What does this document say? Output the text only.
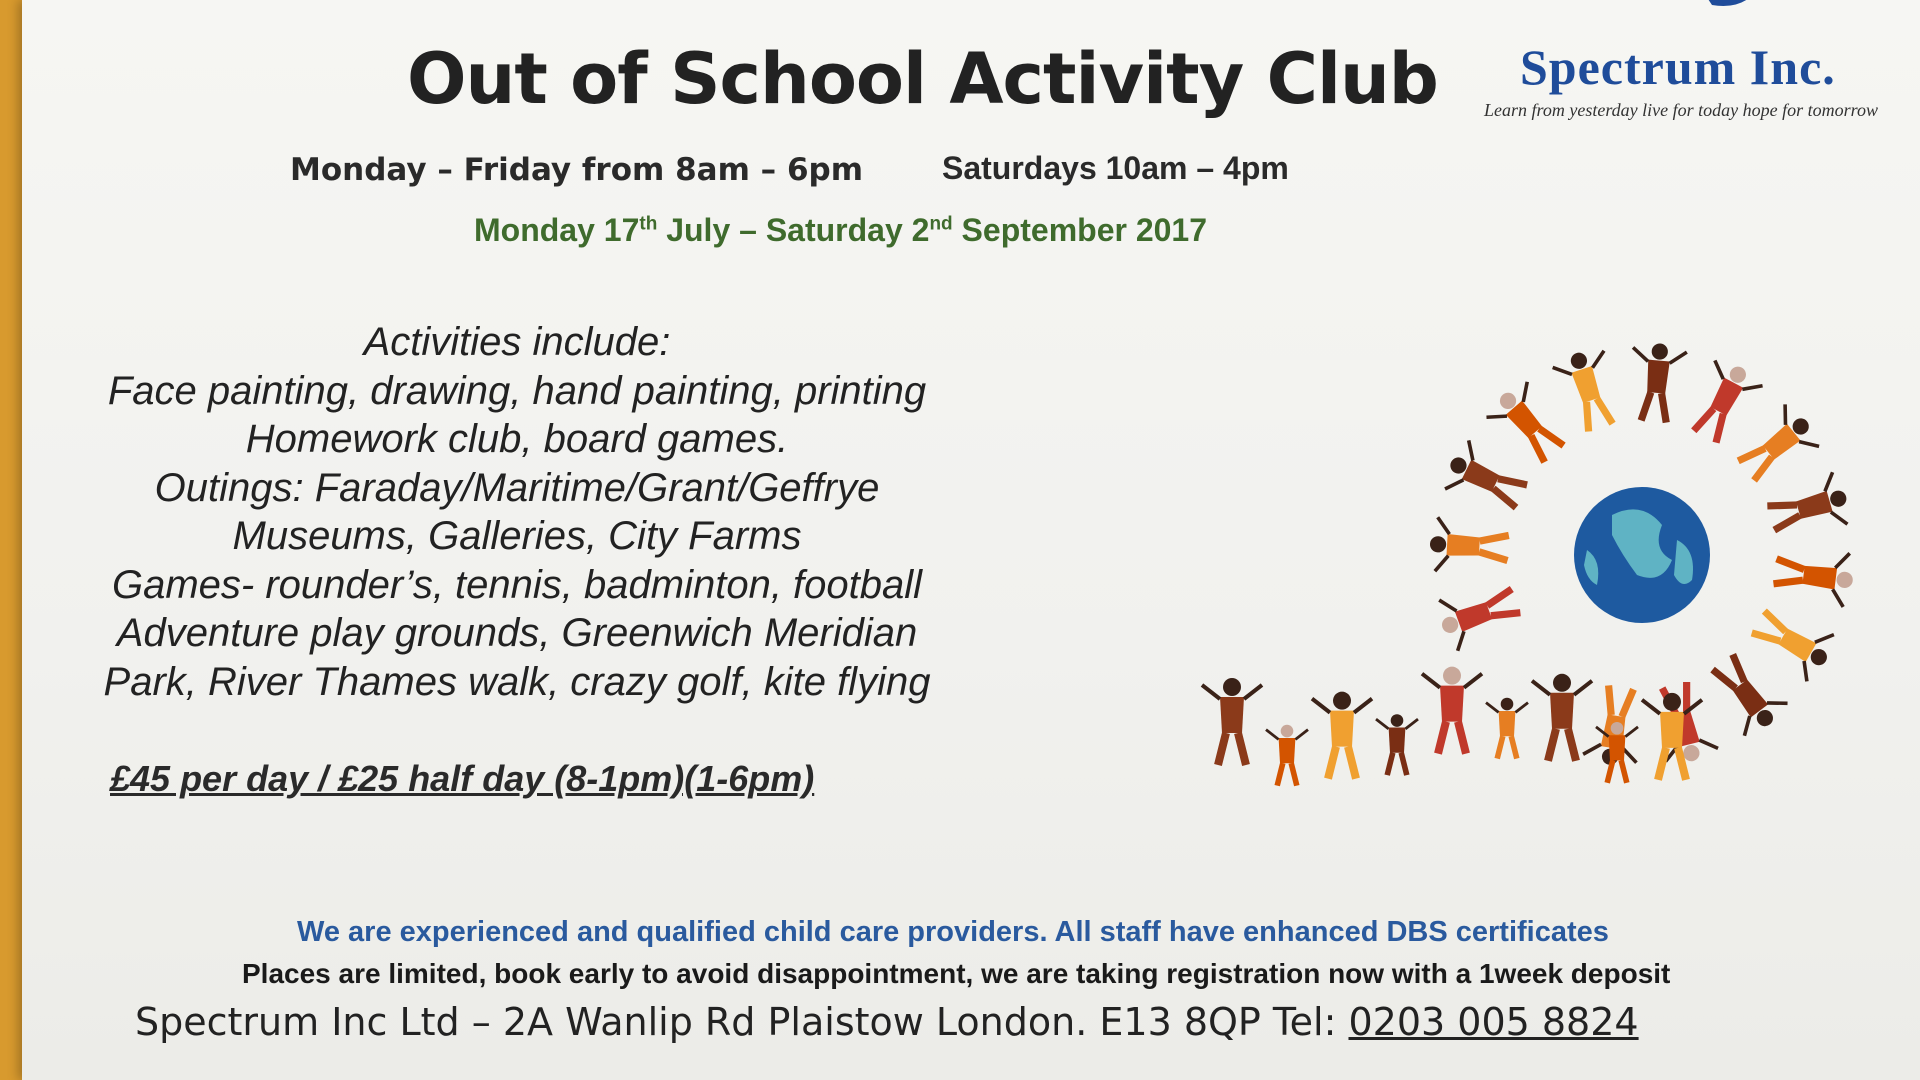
Out of School Activity Club Spectrum Inc.
Learn from yesterday live for today hope for tomorrow
Monday – Friday from 8am – 6pm Saturdays 10am – 4pm
Monday 17th July – Saturday 2nd September 2017
Activities include:
Face painting, drawing, hand painting, printing
Homework club, board games.
Outings: Faraday/Maritime/Grant/Geffrye
Museums, Galleries, City Farms
Games- rounder’s, tennis, badminton, football
Adventure play grounds, Greenwich Meridian
Park, River Thames walk, crazy golf, kite flying
£45 per day / £25 half day (8-1pm)(1-6pm)
We are experienced and qualified child care providers. All staff have enhanced DBS certificates
Places are limited, book early to avoid disappointment, we are taking registration now with a 1week deposit
Spectrum Inc Ltd – 2A Wanlip Rd Plaistow London. E13 8QP Tel: 0203 005 8824
